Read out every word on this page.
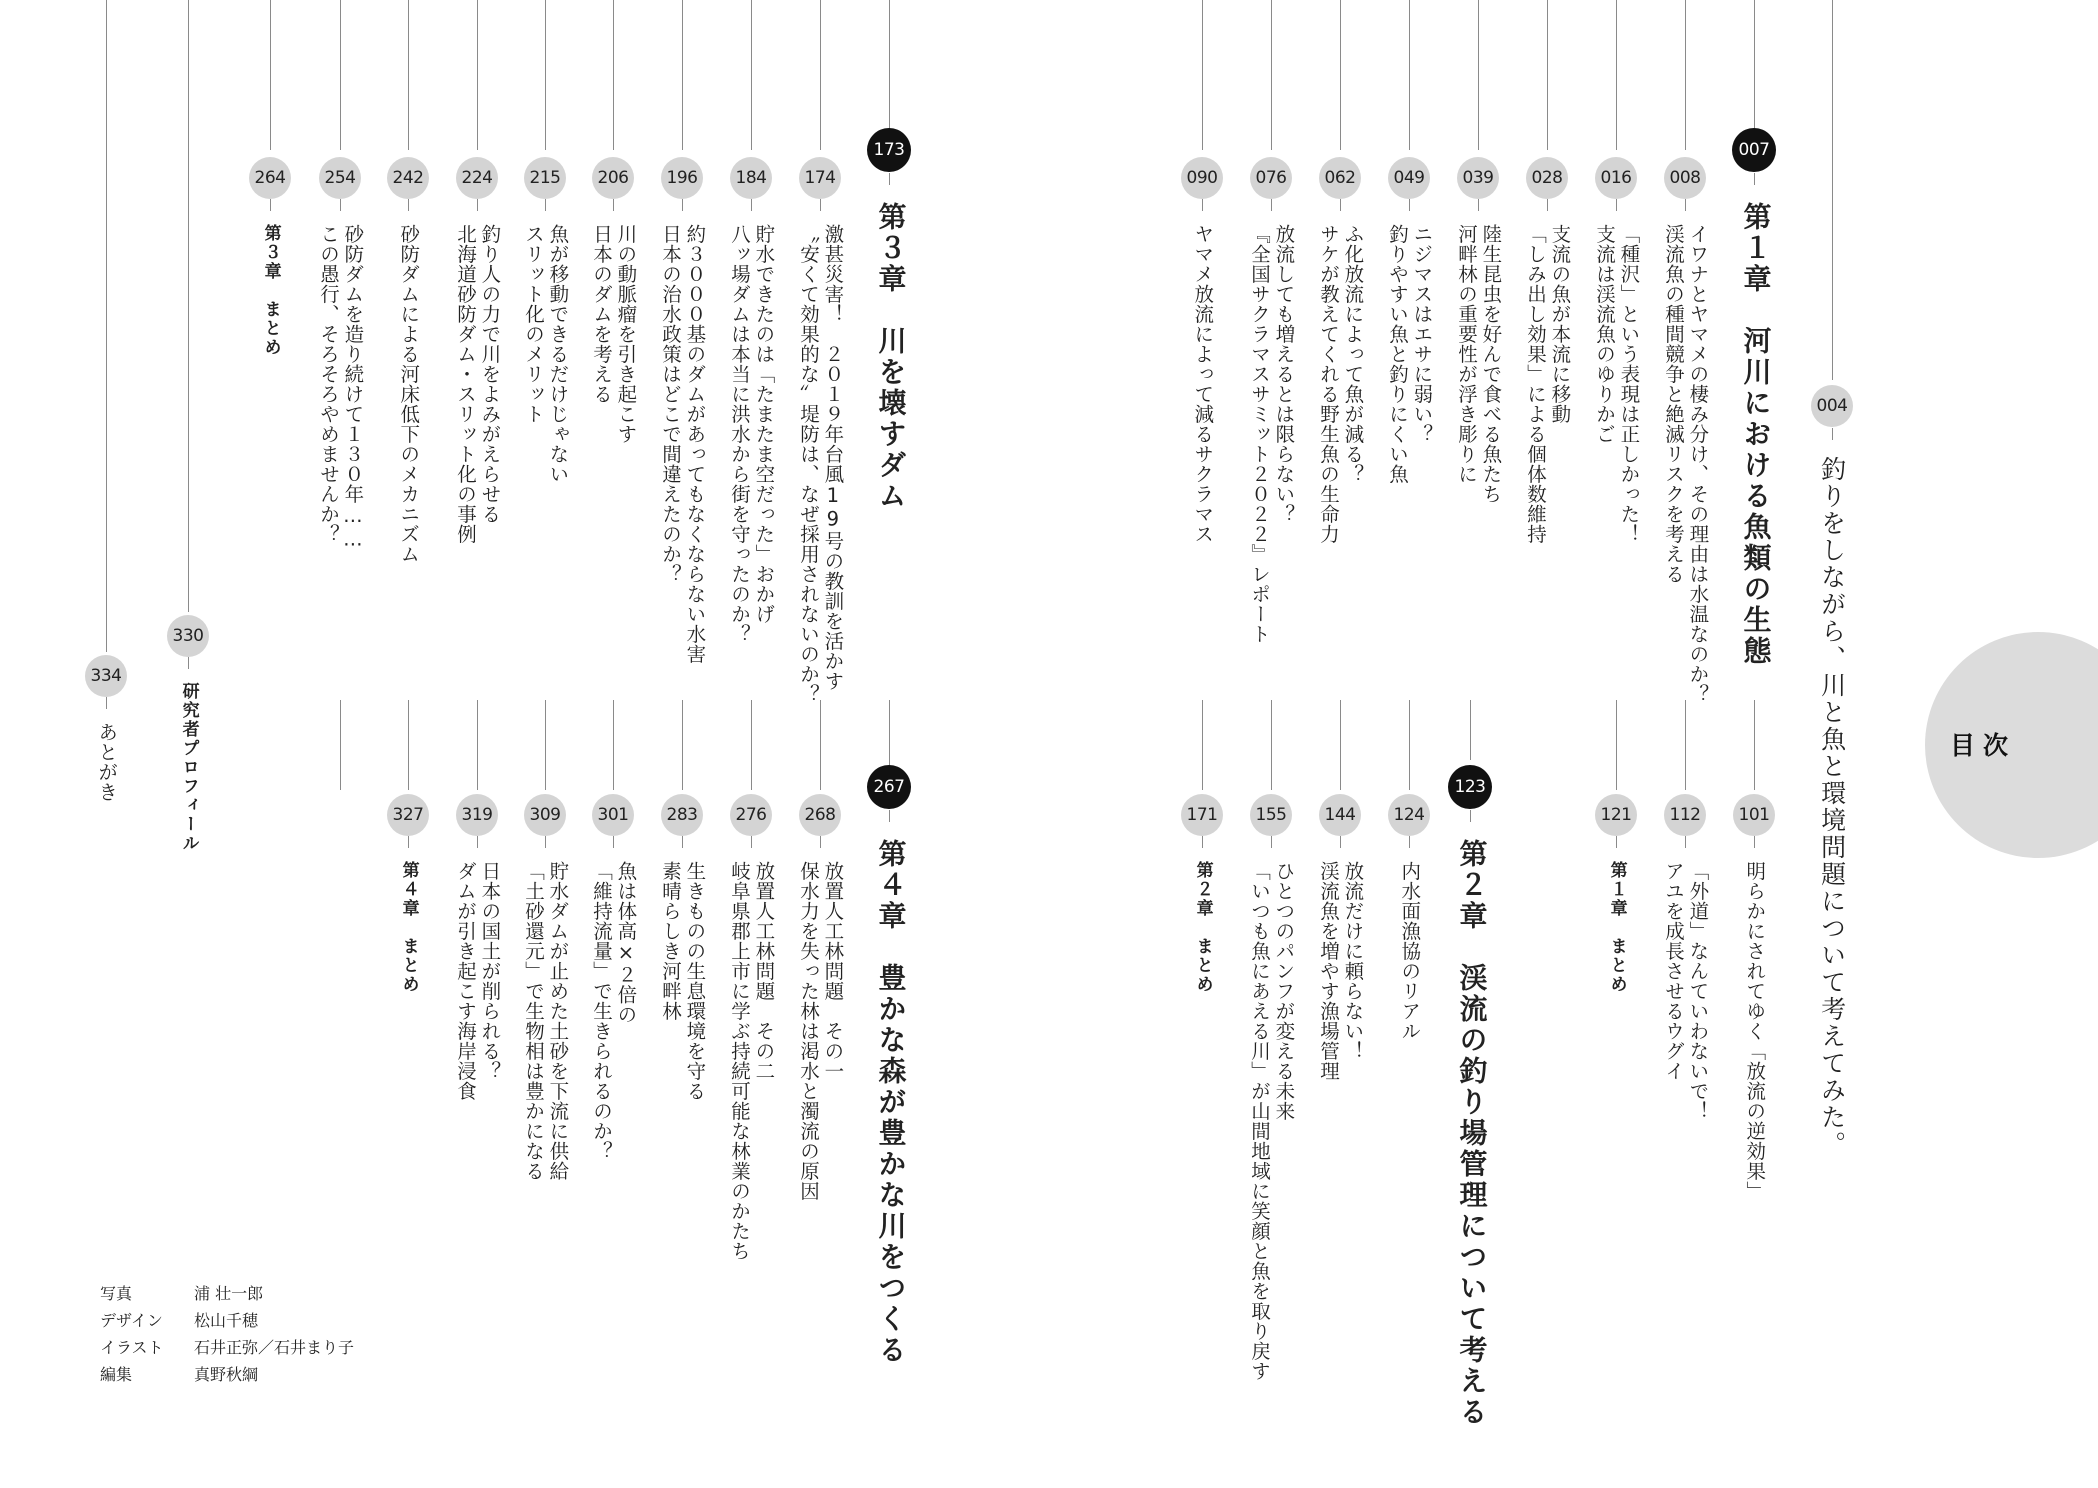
目次
004
釣りをしながら、川と魚と環境問題について考えてみた。
007
第１章　河川における魚類の生態
008
イワナとヤマメの棲み分け、その理由は水温なのか？
渓流魚の種間競争と絶滅リスクを考える
016
「種沢」という表現は正しかった！
支流は渓流魚のゆりかご
028
支流の魚が本流に移動
「しみ出し効果」による個体数維持
039
陸生昆虫を好んで食べる魚たち
河畔林の重要性が浮き彫りに
049
ニジマスはエサに弱い？
釣りやすい魚と釣りにくい魚
062
ふ化放流によって魚が減る？
サケが教えてくれる野生魚の生命力
076
放流しても増えるとは限らない？
『全国サクラマスサミット２０２２』レポート
090
ヤマメ放流によって減るサクラマス
101
明らかにされてゆく「放流の逆効果」
112
「外道」なんていわないで！
アユを成長させるウグイ
121
第１章　まとめ
123
第２章　渓流の釣り場管理について考える
124
内水面漁協のリアル
144
放流だけに頼らない！
渓流魚を増やす漁場管理
155
ひとつのパンフが変える未来
「いつも魚にあえる川」が山間地域に笑顔と魚を取り戻す
171
第２章　まとめ
173
第３章　川を壊すダム
174
激甚災害！　２０１９年台風19号の教訓を活かす
〝安くて効果的な〟堤防は、なぜ採用されないのか？
184
貯水できたのは「たまたま空だった」おかげ
八ッ場ダムは本当に洪水から街を守ったのか？
196
約３０００基のダムがあってもなくならない水害
日本の治水政策はどこで間違えたのか？
206
川の動脈瘤を引き起こす
日本のダムを考える
215
魚が移動できるだけじゃない
スリット化のメリット
224
釣り人の力で川をよみがえらせる
北海道砂防ダム・スリット化の事例
242
砂防ダムによる河床低下のメカニズム
254
砂防ダムを造り続けて１３０年……
この愚行、そろそろやめませんか？
264
第３章　まとめ
267
第４章　豊かな森が豊かな川をつくる
268
放置人工林問題　その一
保水力を失った林は渇水と濁流の原因
276
放置人工林問題　その二
岐阜県郡上市に学ぶ持続可能な林業のかたち
283
生きものの生息環境を守る
素晴らしき河畔林
301
魚は体高×２倍の
「維持流量」で生きられるのか？
309
貯水ダムが止めた土砂を下流に供給
「土砂還元」で生物相は豊かになる
319
日本の国土が削られる？
ダムが引き起こす海岸浸食
327
第４章　まとめ
330
研究者プロフィール
334
あとがき
写真	浦 壮一郎
デザイン 松山千穂
イラスト 石井正弥／石井まり子
編集	真野秋綱
